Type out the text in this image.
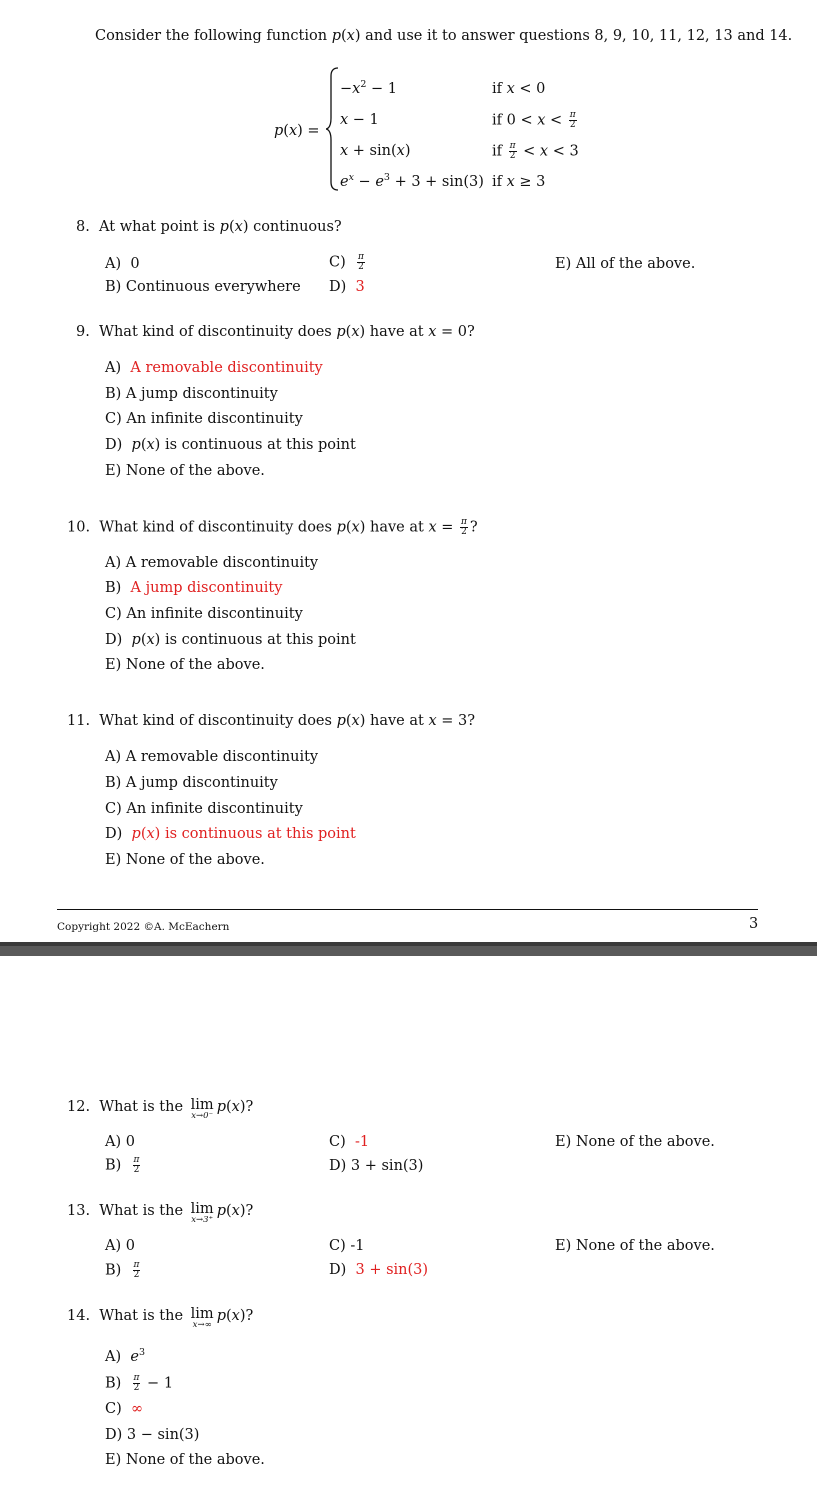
Consider the following function p(x) and use it to answer questions 8, 9, 10, 11, 12, 13 and 14.
p(x) =
$-x^2 - 1$	if x < 0
x − 1	if $0 < x < \frac{\pi}{2}$
x + sin(x)	if $\frac{\pi}{2} < x < 3$
$e^x - e^3 + 3 + \sin(3)$ if x ≥ 3
8.  At what point is p(x) continuous?
A)  0
B) Continuous everywhere
$C) \frac{\pi}{2}$
D) 3
E) All of the above.
9.  What kind of discontinuity does p(x) have at x = 0?
A) A removable discontinuity
B) A jump discontinuity
C) An infinite discontinuity
D)  p(x) is continuous at this point
E) None of the above.
10.  What kind of discontinuity does p(x) have at $x = \frac{\pi}{2}$ ?
A) A removable discontinuity
B) A jump discontinuity
C) An infinite discontinuity
D)  p(x) is continuous at this point
E) None of the above.
11.  What kind of discontinuity does p(x) have at x = 3?
A) A removable discontinuity
B) A jump discontinuity
C) An infinite discontinuity
D) p(x) is continuous at this point
E) None of the above.
Copyright 2022 ©A. McEachern	3
12.  What is the lim
x→0⁻
p(x)?
A) 0
$B) \frac{\pi}{2}$
C) -1
D) 3 + sin(3)
E) None of the above.
13.  What is the lim
x→3⁺
p(x)?
A) 0
$B) \frac{\pi}{2}$
C) -1
D) 3 + sin(3)
E) None of the above.
14.  What is the lim
x→∞
p(x)?
A)  $e^3$
$B) \frac{\pi}{2} - 1$
C) ∞
D) 3 − sin(3)
E) None of the above.
